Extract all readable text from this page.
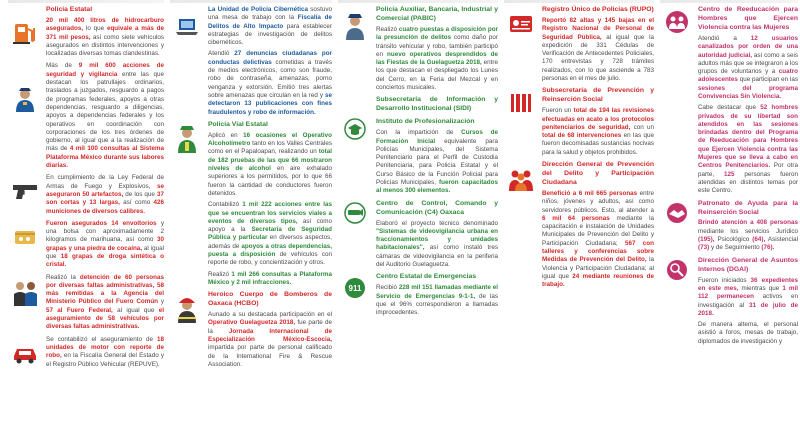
Policía Estatal
20 mil 400 litros de hidrocarburo asegurados, lo que equivale a más de 371 mil pesos, así como siete vehículos asegurados en distintos intervenciones y localizadas diversas tomas clandestinas.
Más de 9 mil 600 acciones de seguridad y vigilancia entre las que destacan los patrullajes ordinarios, traslados a juzgados, resguardo a pagos de programas federales, apoyos a otras dependencias, resguardo a diligencias, apoyos a dependencias federales y los operativos en coordinación con corporaciones de los tres órdenes de gobierno, al igual que a la realización de más de 4 mil 100 consultas al Sistema Plataforma México durante sus labores diarias.
En cumplimiento de la Ley Federal de Armas de Fuego y Explosivos, se aseguraron 50 artefactos, de los que 37 son cortas y 13 largas, así como 426 municiones de diversos calibres.
Fueron asegurados 14 envoltorios y una bolsa con aproximadamente 2 kilogramos de marihuana, así como 30 grapas y una piedra de cocaína, al igual que 18 grapas de droga sintética o cristal.
Realizó la detención de 60 personas por diversas faltas administrativas, 58 más remitidas a la Agencia del Ministerio Público del Fuero Común y 57 al Fuero Federal, al igual que el aseguramiento de 58 vehículos por diversas faltas administrativas.
Se contabilizó el aseguramiento de 18 unidades de motor con reporte de robo, en la Fiscalía General del Estado y el Registro Público Vehicular (REPUVE).
La Unidad de Policía Cibernética sostuvo una mesa de trabajo con la Fiscalía de Delitos de Alto Impacto para establecer estrategias de investigación de delitos cibernéticos.
Atendió 27 denuncias ciudadanas por conductas delictivas cometidas a través de medios electrónicos, como son fraude, robo de contraseña, amenazas, porno venganza y extorsión. Emitió tres alertas sobre amenazas que circulan en la red y se detectaron 13 publicaciones con fines fraudulentos y robo de información.
Policía Vial Estatal
Aplicó en 16 ocasiones el Operativo Alcoholímetro tanto en los Valles Centrales como en el Papaloapan, realizando un total de 182 pruebas de las que 66 mostraron niveles de alcohol en aire exhalado superiores a los permitidos, por lo que 66 fueron la cantidad de conductores fueron detenidos.
Contabilizó 1 mil 222 acciones entre las que se encuentran los servicios viales a eventos de diversos tipos, así como apoyo a la Secretaría de Seguridad Pública y particular en diversos aspectos, además de apoyos a otras dependencias, puesta a disposición de vehículos con reporte de robo, y concientización y otros.
Realizó 1 mil 266 consultas a Plataforma México y 2 mil infracciones.
Heroico Cuerpo de Bomberos de Oaxaca (HCBO)
Aunado a su destacada participación en el Operativo Guelaguetza 2018, fue parte de la Jornada Internacional de Especialización México-Escocia, impartida por parte de personal calificado de la International Fire & Rescue Association.
Policía Auxiliar, Bancaria, Industrial y Comercial (PABIC)
Realizó cuatro puestas a disposición por la presunción de delitos como daño por tránsito vehicular y robo, también participó en nuevo operativos desprendidos de las Fiestas de la Guelaguetza 2018, entre los que destacan el despliegado los Lunes del Cerro, en la Feria del Mezcal y en conciertos musicales.
Subsecretaría de Información y Desarrollo Institucional (SIDI)
Instituto de Profesionalización
Con la impartición de Cursos de Formación Inicial equivalente para Policías Municipales, del Sistema Penitenciario para el Perfil de Custodia Penitenciaria, para Policía Estatal y el Curso Básico de la Función Policial para Policías Municipales, fueron capacitados al menos 300 elementos.
Centro de Control, Comando y Comunicación (C4) Oaxaca
Elaboró el proyecto técnico denominado "Sistemas de videovigilancia urbana en fraccionamientos y unidades habitacionales", así como instaló tres cámaras de videovigilancia en la periferia del Auditorio Guelaguetza.
911
Centro Estatal de Emergencias
Recibió 228 mil 151 llamadas mediante el Servicio de Emergencias 9-1-1, de las que el 96% correspondieron a llamadas improcedentes.
Registro Único de Policías (RUPO)
Reportó 82 altas y 145 bajas en el Registro Nacional de Personal de Seguridad Pública, al igual que la expedición de 331 Cédulas de Verificación de Antecedentes Policiales, 170 entrevistas y 728 trámites realizados, con lo que asciende a 783 personas en el mes de julio.
Subsecretaría de Prevención y Reinserción Social
Fueron un total de 194 las revisiones efectuadas en acato a los protocolos penitenciarios de seguridad, con un total de 68 intervenciones en las que fueron decomisadas sustancias nocivas para la salud y objetos prohibidos.
Dirección General de Prevención del Delito y Participación Ciudadana
Benefició a 6 mil 665 personas entre niños, jóvenes y adultos, así como servidores públicos. Esto, al atender a 6 mil 64 personas mediante la capacitación e instalación de Unidades Municipales de Prevención del Delito y Participación Ciudadana; 567 con talleres y conferencias sobre Medidas de Prevención del Delito, la Violencia y Participación Ciudadana; al igual que 24 mediante reuniones de trabajo.
Centro de Reeducación para Hombres que Ejercen Violencia contra las Mujeres
Atendió a 12 usuarios canalizados por orden de una autoridad judicial, así como a seis adultos más que se integraron a los grupos de voluntarios y a cuatro adolescentes que participan en las sesiones del programa Convivencias Sin Violencia.
Cabe destacar que 52 hombres privados de su libertad son atendidos en las sesiones brindadas dentro del Programa de Reeducación para Hombres que Ejercen Violencia contra las Mujeres que se lleva a cabo en Centros Penitenciarios. Por otra parte, 125 personas fueron atendidas en distintos temas por este Centro.
Patronato de Ayuda para la Reinserción Social
Brindó atención a 408 personas mediante los servicios Jurídico (195), Psicológico (64), Asistencial (73) y de Seguimiento (76).
Dirección General de Asuntos Internos (DGAI)
Fueron iniciados 36 expedientes en este mes, mientras que 1 mil 112 permanecen activos en investigación al 31 de julio de 2018.
De manera alterna, el personal asistió a foros, mesas de trabajo, diplomados de investigación y
